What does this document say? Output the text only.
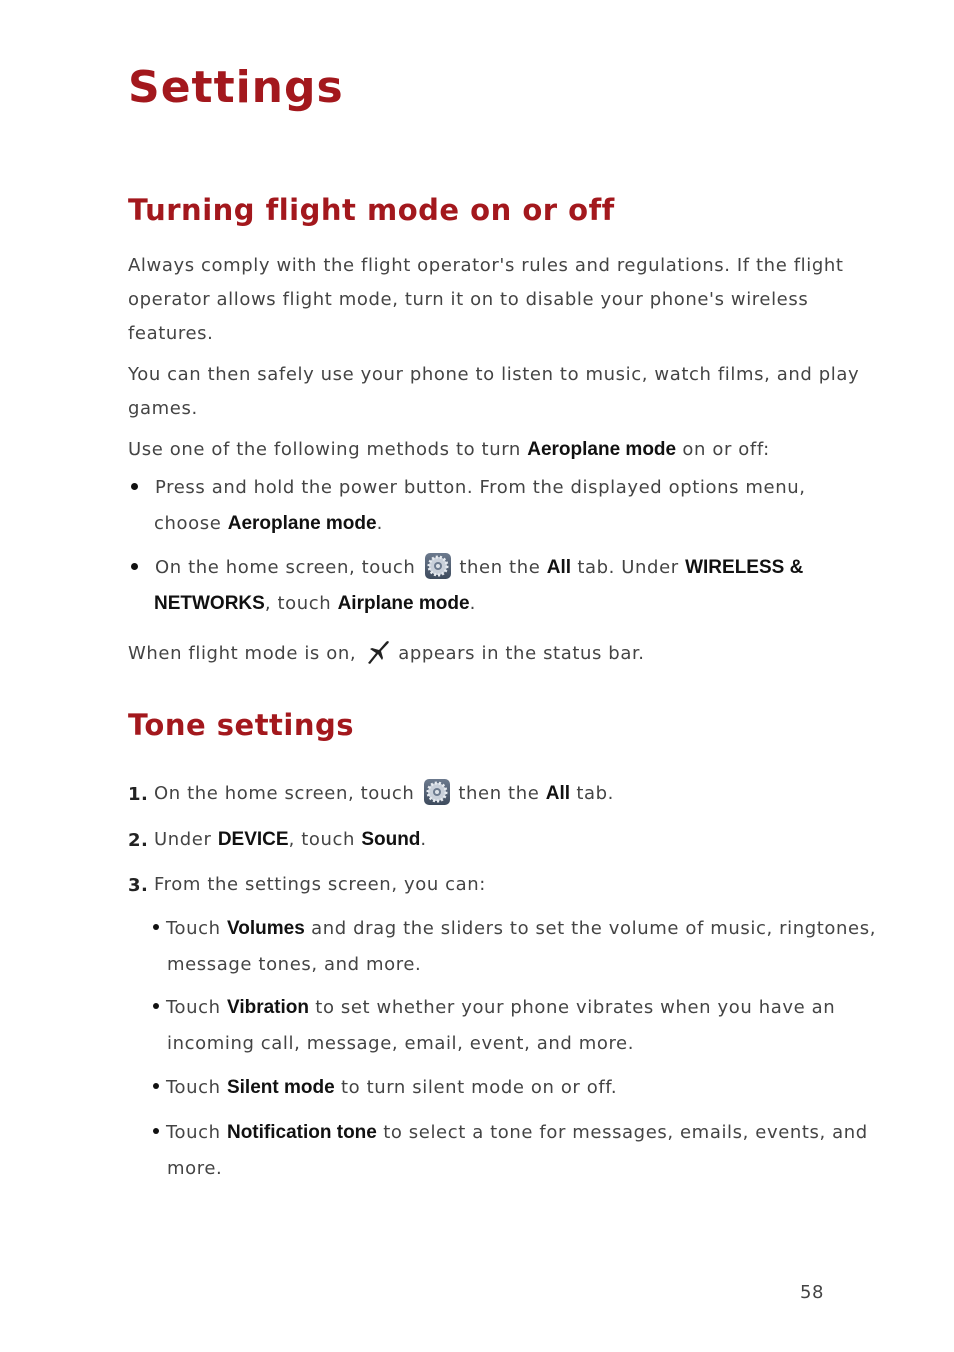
Settings
Turning flight mode on or off
Always comply with the flight operator's rules and regulations. If the flight
operator allows flight mode, turn it on to disable your phone's wireless
features.
You can then safely use your phone to listen to music, watch films, and play
games.
Use one of the following methods to turn Aeroplane mode on or off:
Press and hold the power button. From the displayed options menu,
choose Aeroplane mode.
On the home screen, touch then the All tab. Under WIRELESS &
NETWORKS, touch Airplane mode.
When flight mode is on, appears in the status bar.
Tone settings
1. On the home screen, touch then the All tab.
2. Under DEVICE, touch Sound.
3. From the settings screen, you can:
Touch Volumes and drag the sliders to set the volume of music, ringtones,
message tones, and more.
Touch Vibration to set whether your phone vibrates when you have an
incoming call, message, email, event, and more.
Touch Silent mode to turn silent mode on or off.
Touch Notification tone to select a tone for messages, emails, events, and
more.
58
